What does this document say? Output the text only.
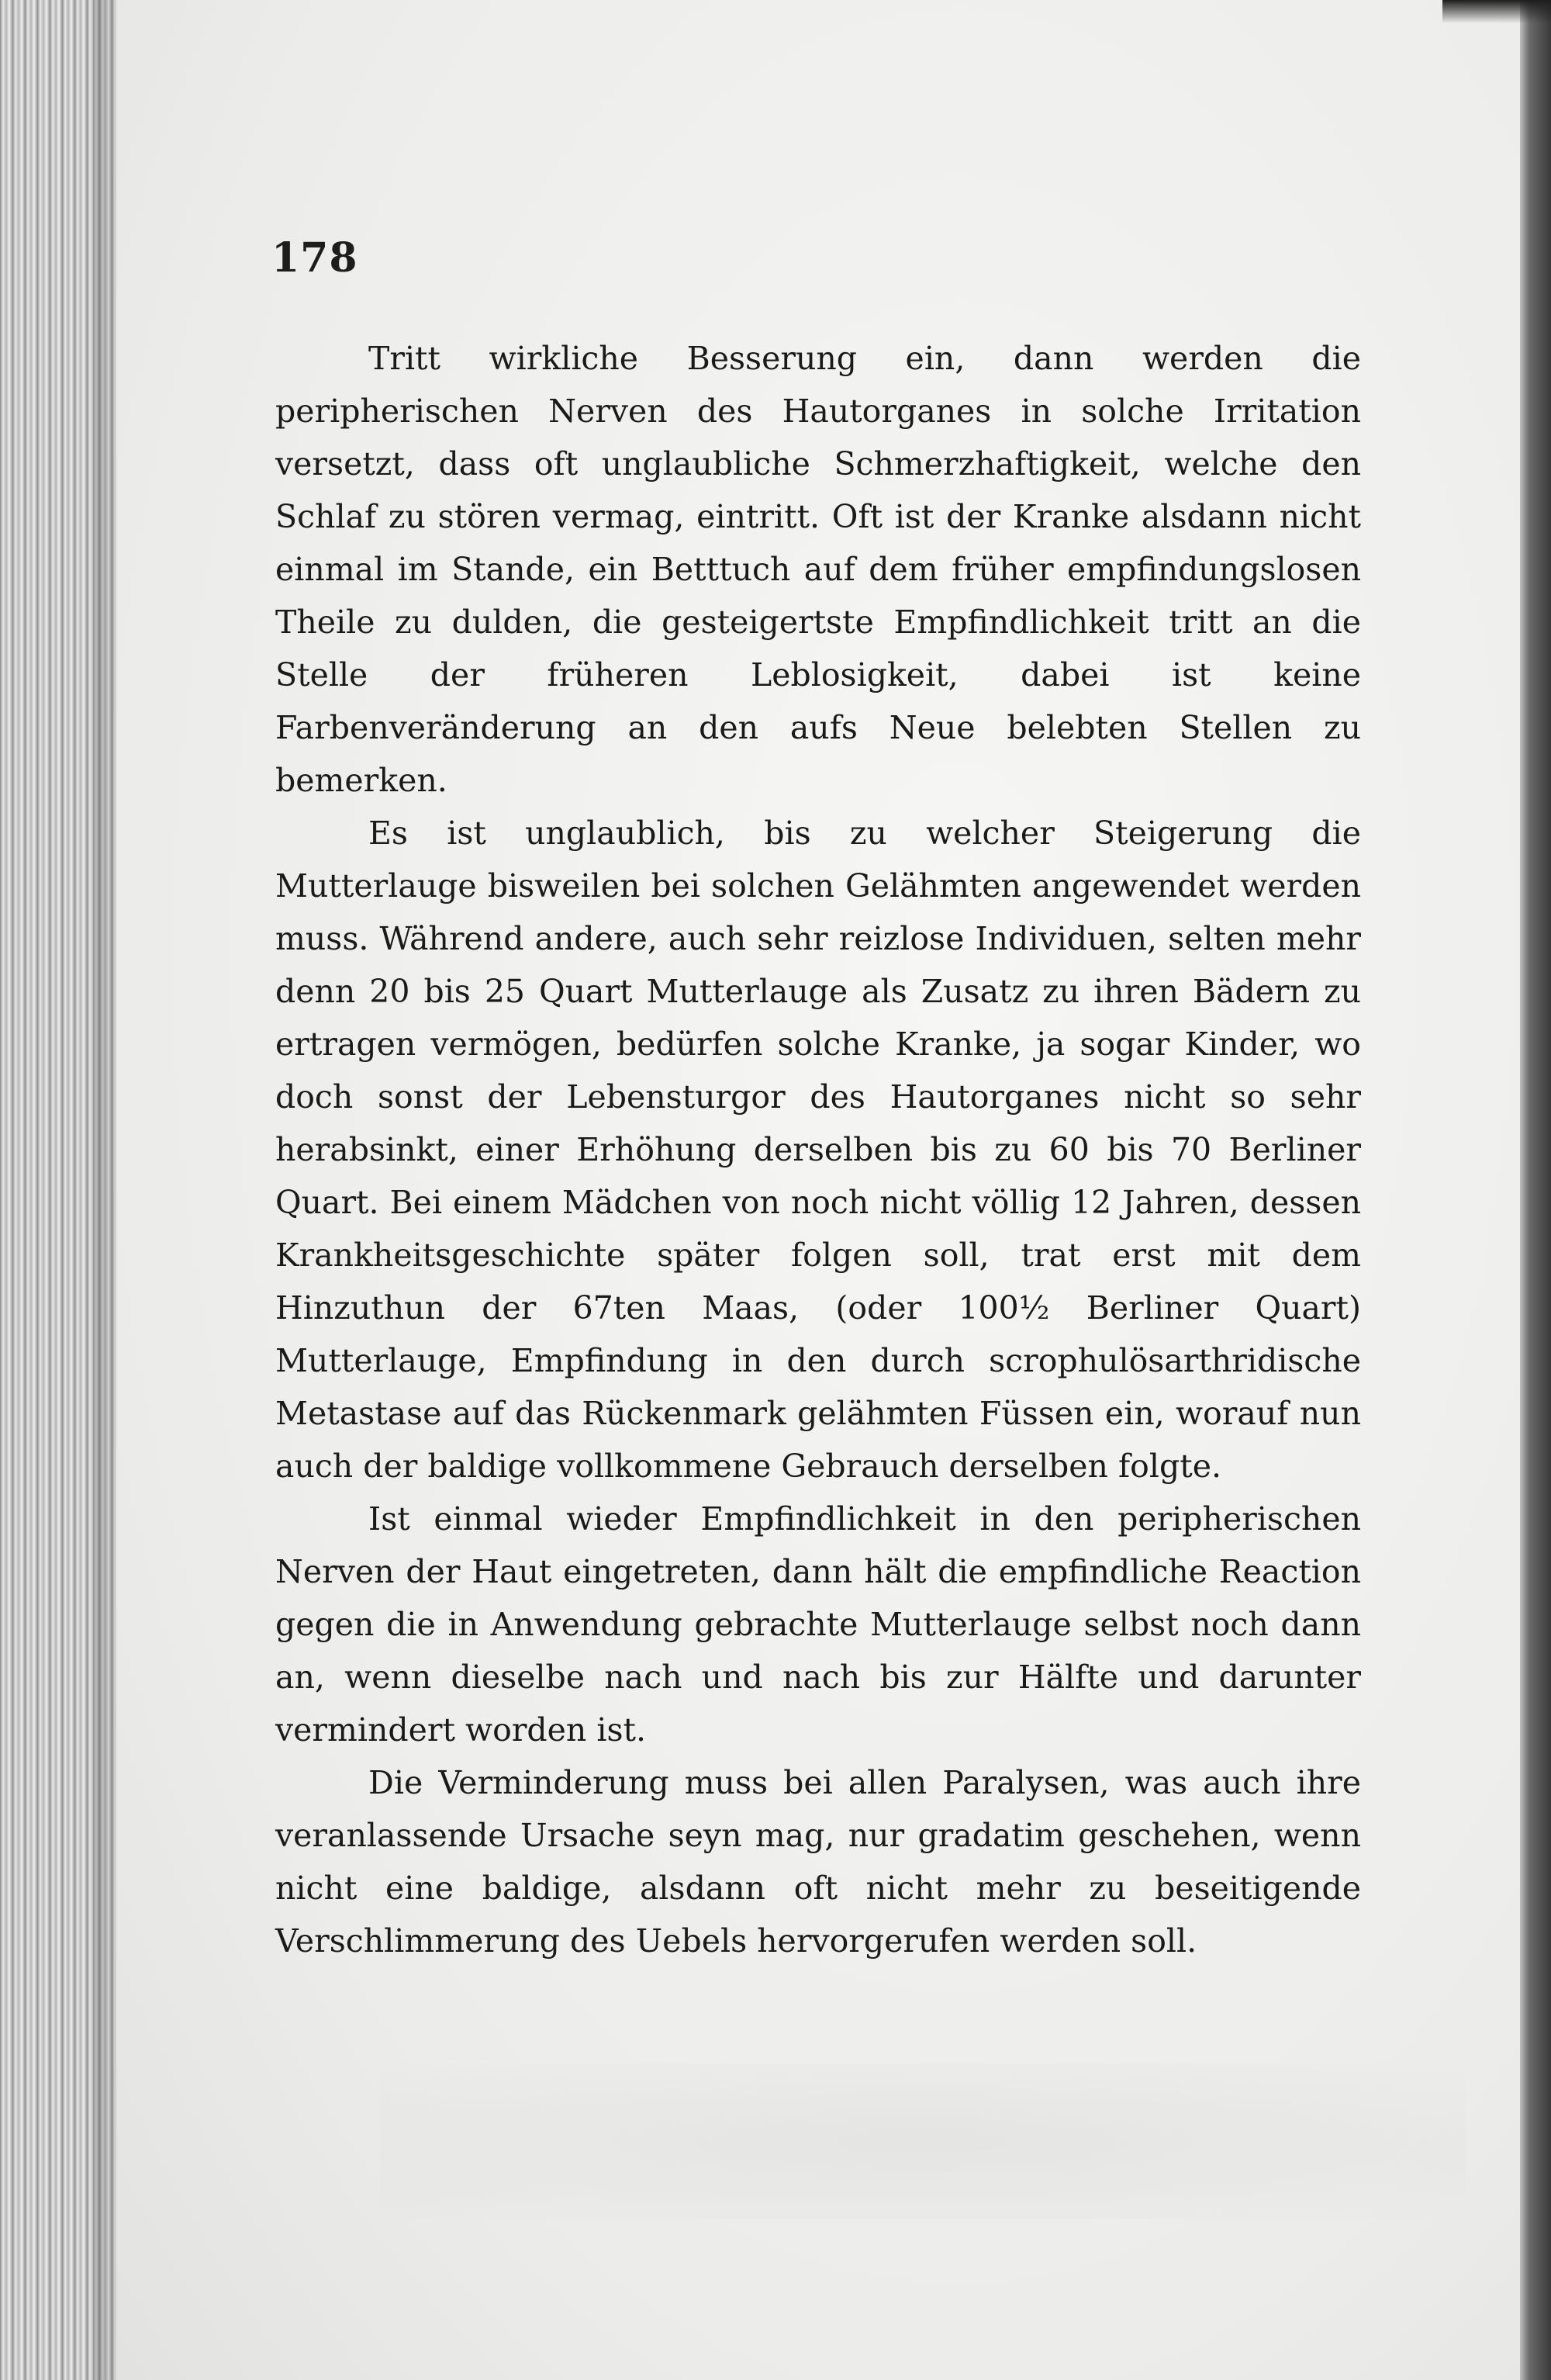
178

Tritt wirkliche Besserung ein, dann werden die peripherischen Nerven des Hautorganes in solche Irritation versetzt, dass oft unglaubliche Schmerzhaftigkeit, welche den Schlaf zu stören vermag, eintritt. Oft ist der Kranke alsdann nicht einmal im Stande, ein Betttuch auf dem früher empfindungslosen Theile zu dulden, die gesteigertste Empfindlichkeit tritt an die Stelle der früheren Leblosigkeit, dabei ist keine Farbenveränderung an den aufs Neue belebten Stellen zu bemerken.

Es ist unglaublich, bis zu welcher Steigerung die Mutterlauge bisweilen bei solchen Gelähmten angewendet werden muss. Während andere, auch sehr reizlose Individuen, selten mehr denn 20 bis 25 Quart Mutterlauge als Zusatz zu ihren Bädern zu ertragen vermögen, bedürfen solche Kranke, ja sogar Kinder, wo doch sonst der Lebensturgor des Hautorganes nicht so sehr herabsinkt, einer Erhöhung derselben bis zu 60 bis 70 Berliner Quart. Bei einem Mädchen von noch nicht völlig 12 Jahren, dessen Krankheitsgeschichte später folgen soll, trat erst mit dem Hinzuthun der 67ten Maas, (oder 100½ Berliner Quart) Mutterlauge, Empfindung in den durch scrophulösarthridische Metastase auf das Rückenmark gelähmten Füssen ein, worauf nun auch der baldige vollkommene Gebrauch derselben folgte.

Ist einmal wieder Empfindlichkeit in den peripherischen Nerven der Haut eingetreten, dann hält die empfindliche Reaction gegen die in Anwendung gebrachte Mutterlauge selbst noch dann an, wenn dieselbe nach und nach bis zur Hälfte und darunter vermindert worden ist.

Die Verminderung muss bei allen Paralysen, was auch ihre veranlassende Ursache seyn mag, nur gradatim geschehen, wenn nicht eine baldige, alsdann oft nicht mehr zu beseitigende Verschlimmerung des Uebels hervorgerufen werden soll.
